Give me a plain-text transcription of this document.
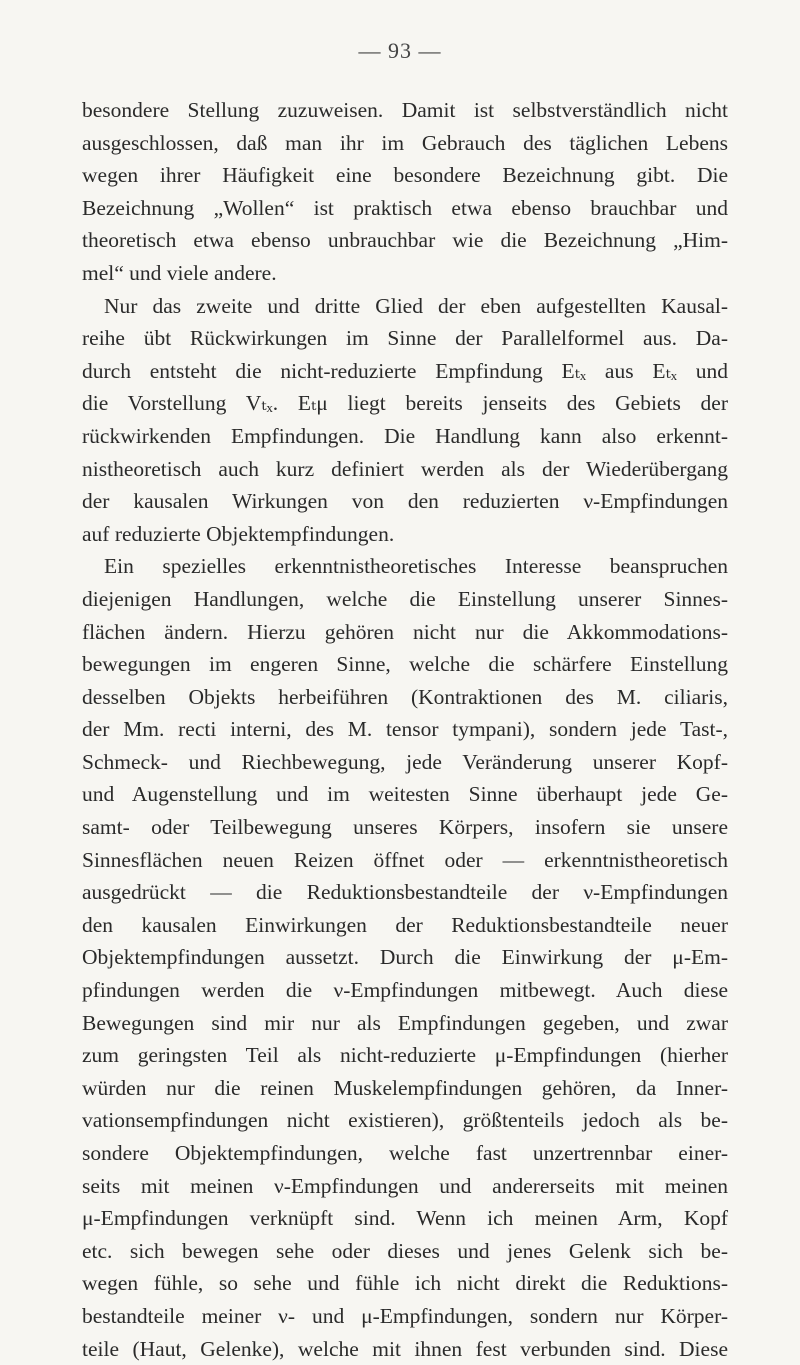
— 93 —
besondere Stellung zuzuweisen. Damit ist selbstverständlich nicht
ausgeschlossen, daß man ihr im Gebrauch des täglichen Lebens
wegen ihrer Häufigkeit eine besondere Bezeichnung gibt. Die
Bezeichnung „Wollen“ ist praktisch etwa ebenso brauchbar und
theoretisch etwa ebenso unbrauchbar wie die Bezeichnung „Him-
mel“ und viele andere.
Nur das zweite und dritte Glied der eben aufgestellten Kausal-
reihe übt Rückwirkungen im Sinne der Parallelformel aus. Da-
durch entsteht die nicht-reduzierte Empfindung Eₜₓ aus Eₜₓ und
die Vorstellung Vₜₓ. Eₜμ liegt bereits jenseits des Gebiets der
rückwirkenden Empfindungen. Die Handlung kann also erkennt-
nistheoretisch auch kurz definiert werden als der Wiederübergang
der kausalen Wirkungen von den reduzierten ν-Empfindungen
auf reduzierte Objektempfindungen.
Ein spezielles erkenntnistheoretisches Interesse beanspruchen
diejenigen Handlungen, welche die Einstellung unserer Sinnes-
flächen ändern. Hierzu gehören nicht nur die Akkommodations-
bewegungen im engeren Sinne, welche die schärfere Einstellung
desselben Objekts herbeiführen (Kontraktionen des M. ciliaris,
der Mm. recti interni, des M. tensor tympani), sondern jede Tast-,
Schmeck- und Riechbewegung, jede Veränderung unserer Kopf-
und Augenstellung und im weitesten Sinne überhaupt jede Ge-
samt- oder Teilbewegung unseres Körpers, insofern sie unsere
Sinnesflächen neuen Reizen öffnet oder — erkenntnistheoretisch
ausgedrückt — die Reduktionsbestandteile der ν-Empfindungen
den kausalen Einwirkungen der Reduktionsbestandteile neuer
Objektempfindungen aussetzt. Durch die Einwirkung der μ-Em-
pfindungen werden die ν-Empfindungen mitbewegt. Auch diese
Bewegungen sind mir nur als Empfindungen gegeben, und zwar
zum geringsten Teil als nicht-reduzierte μ-Empfindungen (hierher
würden nur die reinen Muskelempfindungen gehören, da Inner-
vationsempfindungen nicht existieren), größtenteils jedoch als be-
sondere Objektempfindungen, welche fast unzertrennbar einer-
seits mit meinen ν-Empfindungen und andererseits mit meinen
μ-Empfindungen verknüpft sind. Wenn ich meinen Arm, Kopf
etc. sich bewegen sehe oder dieses und jenes Gelenk sich be-
wegen fühle, so sehe und fühle ich nicht direkt die Reduktions-
bestandteile meiner ν- und μ-Empfindungen, sondern nur Körper-
teile (Haut, Gelenke), welche mit ihnen fest verbunden sind. Diese
